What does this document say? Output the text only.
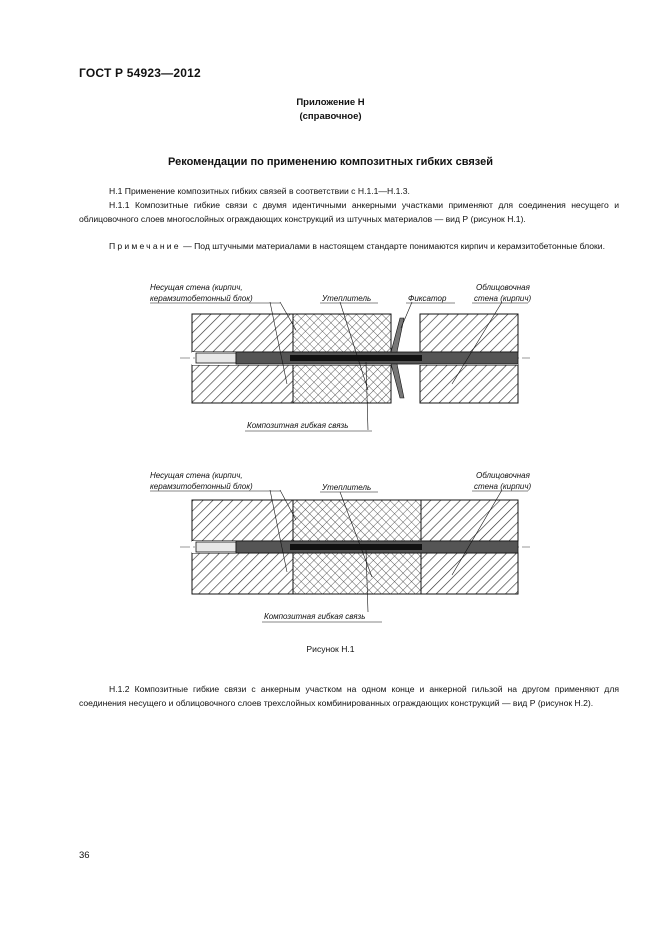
ГОСТ Р 54923—2012
Приложение Н
(справочное)
Рекомендации по применению композитных гибких связей
Н.1 Применение композитных гибких связей в соответствии с Н.1.1—Н.1.3.
Н.1.1 Композитные гибкие связи с двумя идентичными анкерными участками применяют для соединения несущего и облицовочного слоев многослойных ограждающих конструкций из штучных материалов — вид Р (рисунок Н.1).
Примечание — Под штучными материалами в настоящем стандарте понимаются кирпич и керамзитобетонные блоки.
Несущая стена (кирпич,
керамзитобетонный блок)	Утеплитель	Фиксатор
Облицовочная
стена (кирпич)
Композитная гибкая связь
Несущая стена (кирпич,
керамзитобетонный блок)	Утеплитель
Облицовочная
стена (кирпич)
Композитная гибкая связь
Рисунок Н.1
Н.1.2 Композитные гибкие связи с анкерным участком на одном конце и анкерной гильзой на другом применяют для соединения несущего и облицовочного слоев трехслойных комбинированных ограждающих конструкций — вид Р (рисунок Н.2).
36
